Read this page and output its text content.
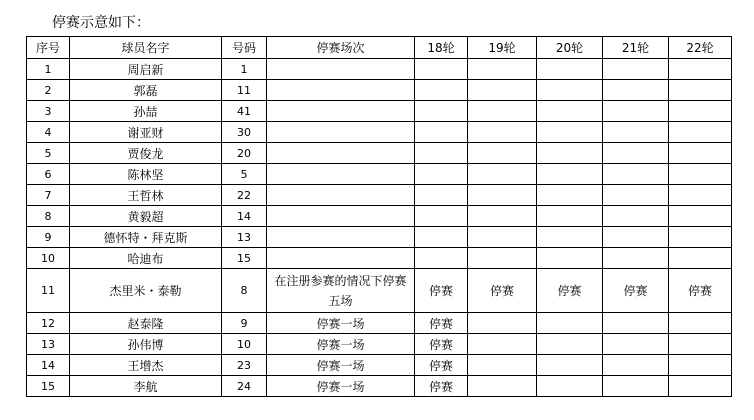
停赛示意如下：
序号	球员名字	号码	停赛场次	18轮	19轮	20轮	21轮	22轮
1	周启新	1						
2	郭磊	11						
3	孙喆	41						
4	谢亚财	30						
5	贾俊龙	20						
6	陈林坚	5						
7	王哲林	22						
8	黄毅超	14						
9	德怀特・拜克斯	13						
10	哈迪布	15						
11	杰里米・泰勒	8	在注册参赛的情况下停赛五场	停赛	停赛	停赛	停赛	停赛
12	赵泰隆	9	停赛一场	停赛				
13	孙伟博	10	停赛一场	停赛				
14	王增杰	23	停赛一场	停赛				
15	李航	24	停赛一场	停赛				
